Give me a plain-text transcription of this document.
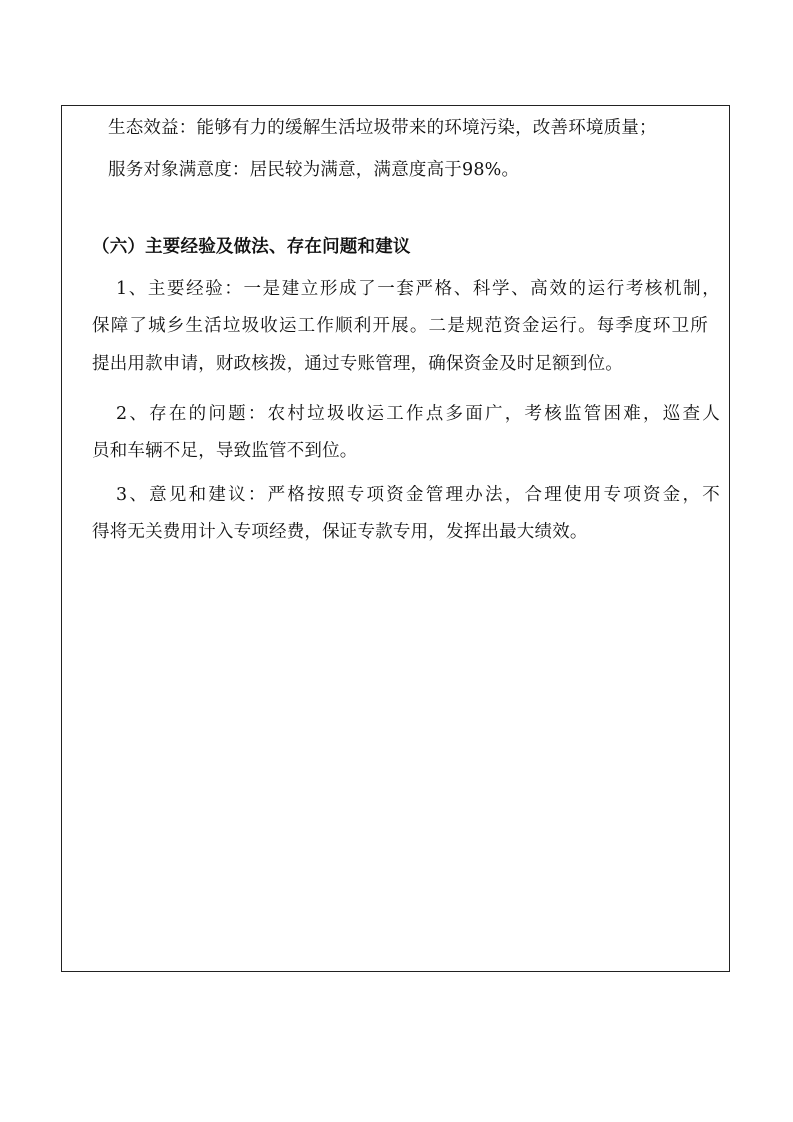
生态效益：能够有力的缓解生活垃圾带来的环境污染，改善环境质量；
服务对象满意度：居民较为满意，满意度高于98%。
（六）主要经验及做法、存在问题和建议
1、主要经验：一是建立形成了一套严格、科学、高效的运行考核机制，
保障了城乡生活垃圾收运工作顺利开展。二是规范资金运行。每季度环卫所
提出用款申请，财政核拨，通过专账管理，确保资金及时足额到位。
2、存在的问题：农村垃圾收运工作点多面广，考核监管困难，巡查人
员和车辆不足，导致监管不到位。
3、意见和建议：严格按照专项资金管理办法，合理使用专项资金，不
得将无关费用计入专项经费，保证专款专用，发挥出最大绩效。
